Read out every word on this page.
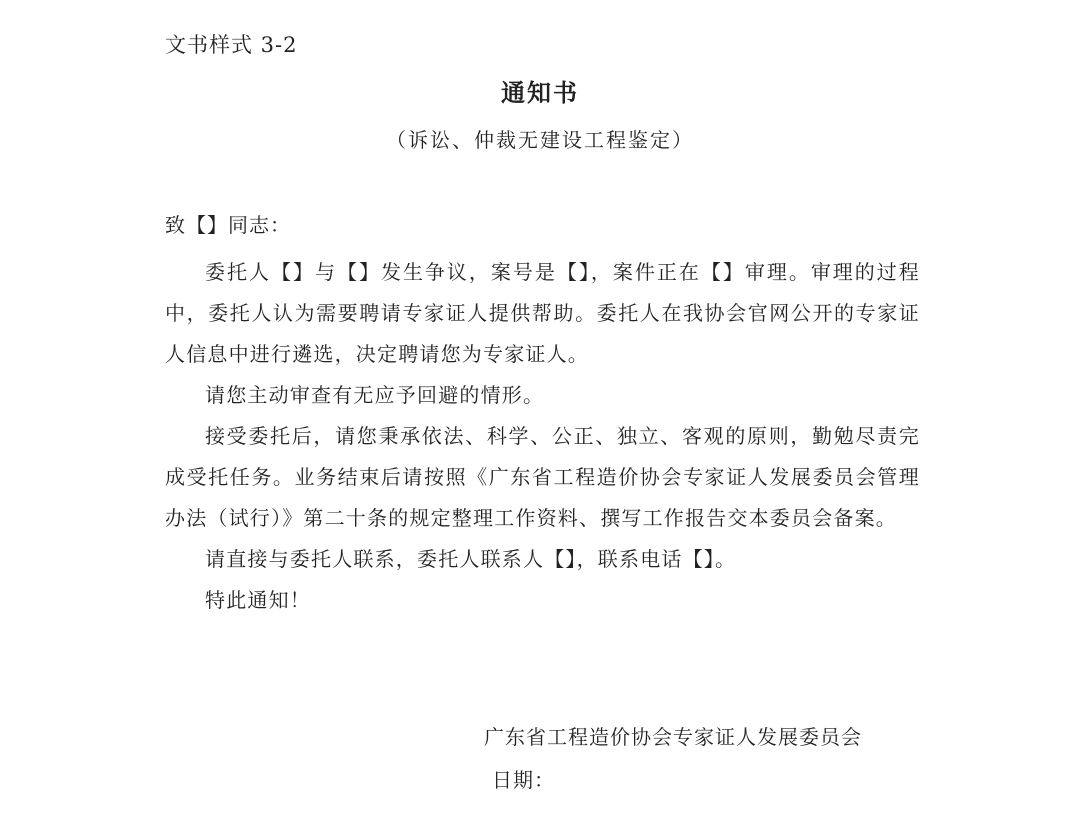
文书样式 3-2
通知书
（诉讼、仲裁无建设工程鉴定）
致【】同志：

委托人【】与【】发生争议，案号是【】，案件正在【】审理。审理的过程中，委托人认为需要聘请专家证人提供帮助。委托人在我协会官网公开的专家证人信息中进行遴选，决定聘请您为专家证人。

请您主动审查有无应予回避的情形。

接受委托后，请您秉承依法、科学、公正、独立、客观的原则，勤勉尽责完成受托任务。业务结束后请按照《广东省工程造价协会专家证人发展委员会管理办法（试行）》第二十条的规定整理工作资料、撰写工作报告交本委员会备案。

请直接与委托人联系，委托人联系人【】，联系电话【】。

特此通知！

广东省工程造价协会专家证人发展委员会
日期：
